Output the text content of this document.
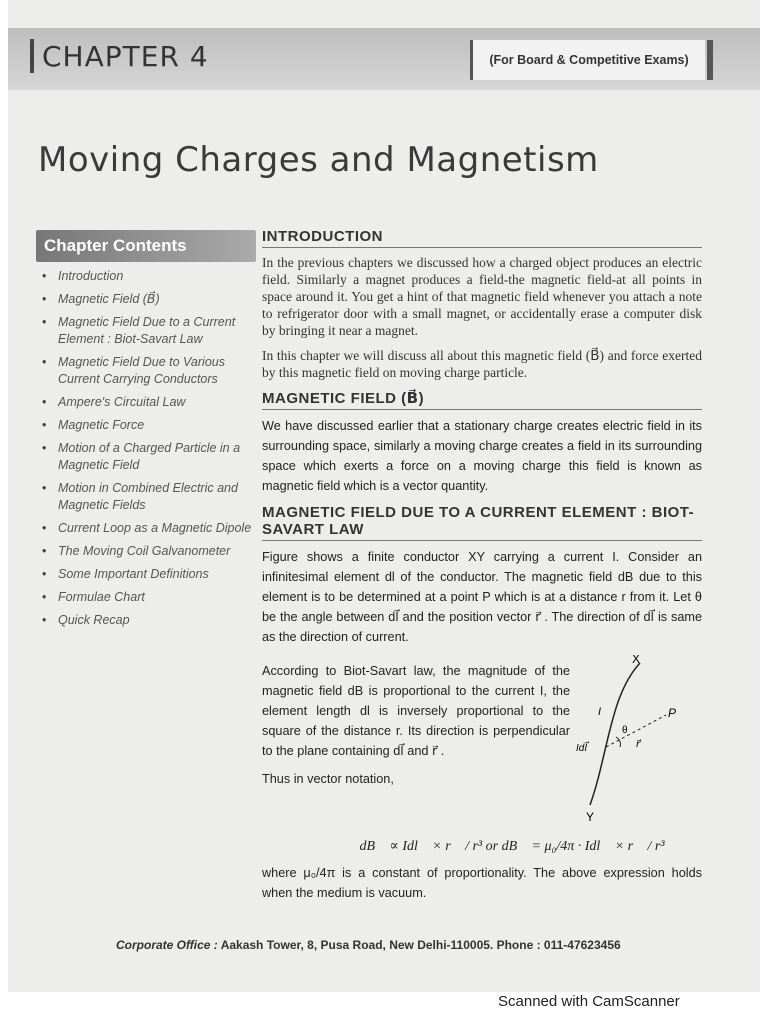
CHAPTER 4	(For Board & Competitive Exams)
Moving Charges and Magnetism
Chapter Contents
• Introduction
• Magnetic Field (B⃗)
• Magnetic Field Due to a Current Element : Biot-Savart Law
• Magnetic Field Due to Various Current Carrying Conductors
• Ampere's Circuital Law
• Magnetic Force
• Motion of a Charged Particle in a Magnetic Field
• Motion in Combined Electric and Magnetic Fields
• Current Loop as a Magnetic Dipole
• The Moving Coil Galvanometer
• Some Important Definitions
• Formulae Chart
• Quick Recap
INTRODUCTION

In the previous chapters we discussed how a charged object produces an electric field. Similarly a magnet produces a field-the magnetic field-at all points in space around it. You get a hint of that magnetic field whenever you attach a note to refrigerator door with a small magnet, or accidentally erase a computer disk by bringing it near a magnet.

In this chapter we will discuss all about this magnetic field (B⃗) and force exerted by this magnetic field on moving charge particle.

MAGNETIC FIELD (B⃗)

We have discussed earlier that a stationary charge creates electric field in its surrounding space, similarly a moving charge creates a field in its surrounding space which exerts a force on a moving charge this field is known as magnetic field which is a vector quantity.

MAGNETIC FIELD DUE TO A CURRENT ELEMENT : BIOT-SAVART LAW

Figure shows a finite conductor XY carrying a current I. Consider an infinitesimal element dl of the conductor. The magnetic field dB due to this element is to be determined at a point P which is at a distance r from it. Let θ be the angle between dl⃗ and the position vector r⃗ . The direction of dl⃗ is same as the direction of current.

According to Biot-Savart law, the magnitude of the magnetic field dB is proportional to the current I, the element length dl is inversely proportional to the square of the distance r. Its direction is perpendicular to the plane containing dl⃗ and r⃗ .

Thus in vector notation,

X
Y
P
I
θ
r⃗
Idl⃗
dB⃗ ∝ Idl⃗ × r⃗ / r³ or dB⃗ = μ₀/4π · Idl⃗ × r⃗ / r³

where μ₀/4π is a constant of proportionality. The above expression holds when the medium is vacuum.

Corporate Office : Aakash Tower, 8, Pusa Road, New Delhi-110005. Phone : 011-47623456
Scanned with CamScanner
